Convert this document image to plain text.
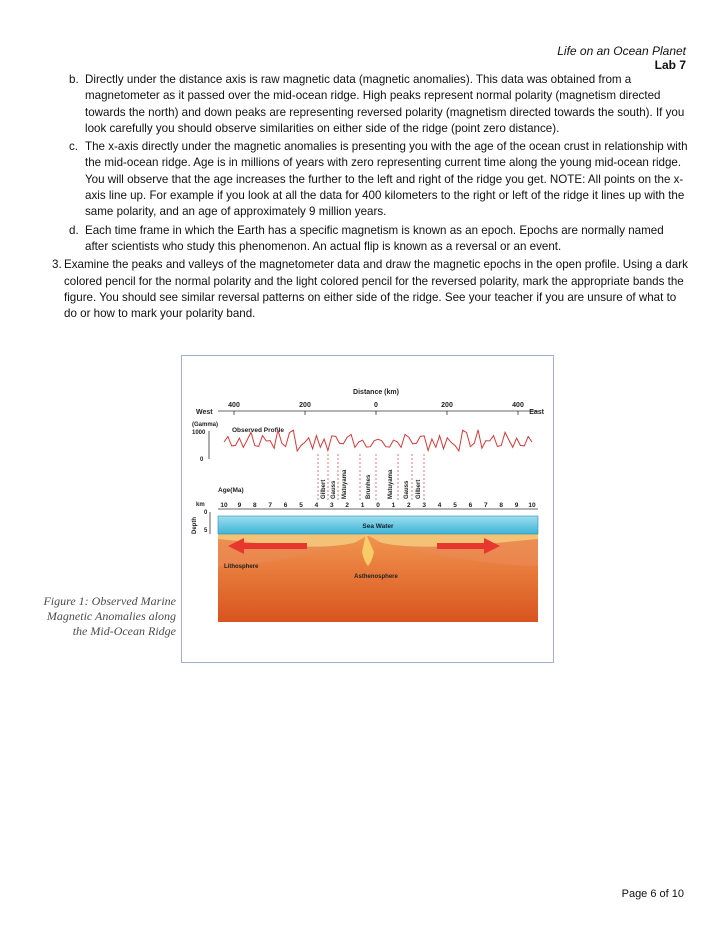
Life on an Ocean Planet
Lab 7
b. Directly under the distance axis is raw magnetic data (magnetic anomalies). This data was obtained from a magnetometer as it passed over the mid-ocean ridge. High peaks represent normal polarity (magnetism directed towards the north) and down peaks are representing reversed polarity (magnetism directed towards the south). If you look carefully you should observe similarities on either side of the ridge (point zero distance).
c. The x-axis directly under the magnetic anomalies is presenting you with the age of the ocean crust in relationship with the mid-ocean ridge. Age is in millions of years with zero representing current time along the young mid-ocean ridge. You will observe that the age increases the further to the left and right of the ridge you get. NOTE: All points on the x-axis line up. For example if you look at all the data for 400 kilometers to the right or left of the ridge it lines up with the same polarity, and an age of approximately 9 million years.
d. Each time frame in which the Earth has a specific magnetism is known as an epoch. Epochs are normally named after scientists who study this phenomenon. An actual flip is known as a reversal or an event.
3. Examine the peaks and valleys of the magnetometer data and draw the magnetic epochs in the open profile. Using a dark colored pencil for the normal polarity and the light colored pencil for the reversed polarity, mark the appropriate bands the figure. You should see similar reversal patterns on either side of the ridge. See your teacher if you are unsure of what to do or how to mark your polarity band.
Distance (km)
West	East
400	200	0	200	400
(Gamma)
1000
0
Observed Profile
Age(Ma)	Gilbert Gauss Matuyama	Brunhes	Matuyama Gauss Gilbert
km 10 9 8 7 6 5 4 3 2 1 0 1 2 3 4 5 6 7 8 9 10
Depth
0
5
Sea Water
Lithosphere
Asthenosphere
Figure 1: Observed Marine
Magnetic Anomalies along
the Mid-Ocean Ridge
Page 6 of 10
